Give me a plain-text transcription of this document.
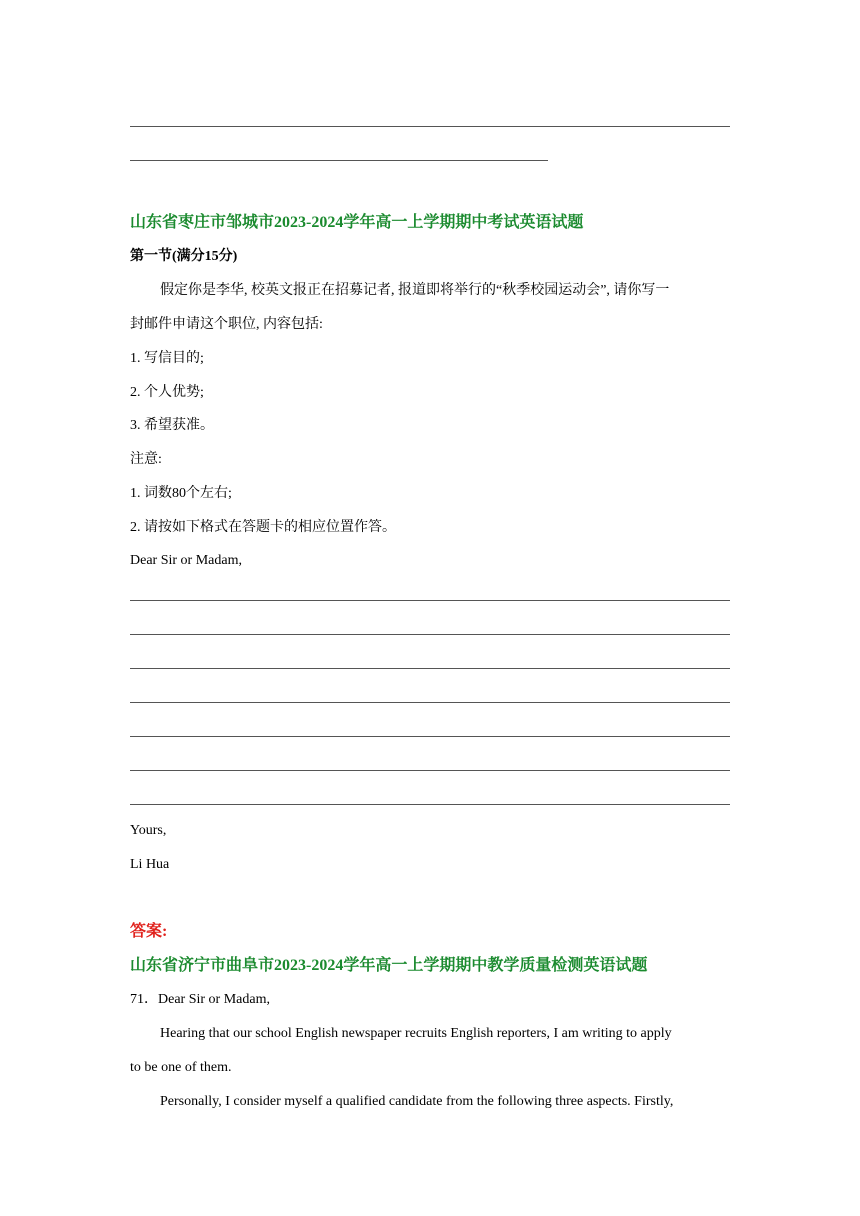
山东省枣庄市邹城市2023-2024学年高一上学期期中考试英语试题
第一节(满分15分)
假定你是李华, 校英文报正在招募记者, 报道即将举行的“秋季校园运动会”, 请你写一
封邮件申请这个职位, 内容包括:
1. 写信目的;
2. 个人优势;
3. 希望获准。
注意:
1. 词数80个左右;
2. 请按如下格式在答题卡的相应位置作答。
Dear Sir or Madam,
Yours,
Li Hua
答案:
山东省济宁市曲阜市2023-2024学年高一上学期期中教学质量检测英语试题
71．Dear Sir or Madam,
Hearing that our school English newspaper recruits English reporters, I am writing to apply
to be one of them.
Personally, I consider myself a qualified candidate from the following three aspects. Firstly,
